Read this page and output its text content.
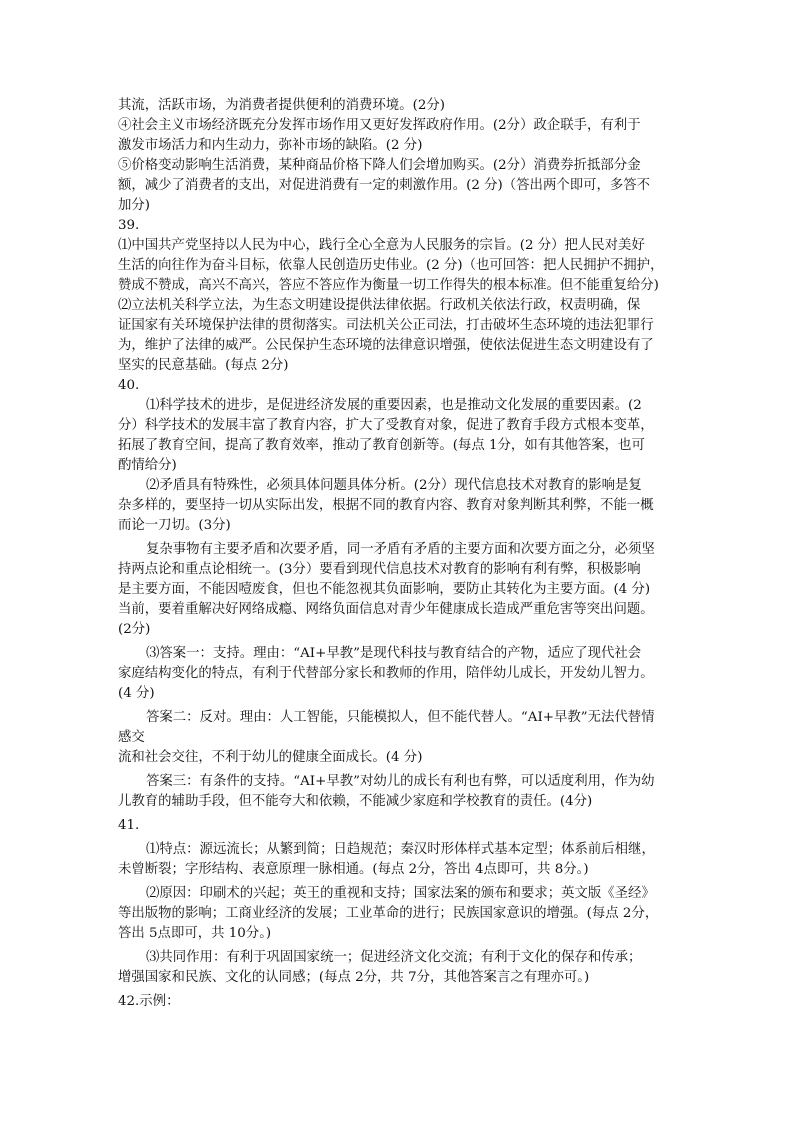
其流，活跃市场，为消费者提供便利的消费环境。(2分)
④社会主义市场经济既充分发挥市场作用又更好发挥政府作用。(2分）政企联手，有利于
激发市场活力和内生动力，弥补市场的缺陷。(2 分)
⑤价格变动影响生活消费，某种商品价格下降人们会增加购买。(2分）消费券折抵部分金
额，减少了消费者的支出，对促进消费有一定的刺激作用。(2 分)（答出两个即可，多答不
加分)
39.
⑴中国共产党坚持以人民为中心，践行全心全意为人民服务的宗旨。(2 分）把人民对美好
生活的向往作为奋斗目标，依靠人民创造历史伟业。(2 分)（也可回答：把人民拥护不拥护，
赞成不赞成，高兴不高兴，答应不答应作为衡量一切工作得失的根本标准。但不能重复给分)
⑵立法机关科学立法，为生态文明建设提供法律依据。行政机关依法行政，权责明确，保
证国家有关环境保护法律的贯彻落实。司法机关公正司法，打击破坏生态环境的违法犯罪行
为，维护了法律的威严。公民保护生态环境的法律意识增强，使依法促进生态文明建设有了
坚实的民意基础。(每点 2分)
40.
⑴科学技术的进步，是促进经济发展的重要因素，也是推动文化发展的重要因素。(2
分）科学技术的发展丰富了教育内容，扩大了受教育对象，促进了教育手段方式根本变革，
拓展了教育空间，提高了教育效率，推动了教育创新等。(每点 1分，如有其他答案，也可
酌情给分)
⑵矛盾具有特殊性，必须具体问题具体分析。(2分）现代信息技术对教育的影响是复
杂多样的，要坚持一切从实际出发，根据不同的教育内容、教育对象判断其利弊，不能一概
而论一刀切。(3分)
复杂事物有主要矛盾和次要矛盾，同一矛盾有矛盾的主要方面和次要方面之分，必须坚
持两点论和重点论相统一。(3分）要看到现代信息技术对教育的影响有利有弊，积极影响
是主要方面，不能因噎废食，但也不能忽视其负面影响，要防止其转化为主要方面。(4 分)
当前，要着重解决好网络成瘾、网络负面信息对青少年健康成长造成严重危害等突出问题。
(2分)
⑶答案一：支持。理由：“AI+早教”是现代科技与教育结合的产物，适应了现代社会
家庭结构变化的特点，有利于代替部分家长和教师的作用，陪伴幼儿成长，开发幼儿智力。
(4 分)
答案二：反对。理由：人工智能，只能模拟人，但不能代替人。“AI+早教”无法代替情
感交
流和社会交往，不利于幼儿的健康全面成长。(4 分)
答案三：有条件的支持。“AI+早教”对幼儿的成长有利也有弊，可以适度利用，作为幼
儿教育的辅助手段，但不能夸大和依赖，不能减少家庭和学校教育的责任。(4分)
41.
⑴特点：源远流长；从繁到简；日趋规范；秦汉时形体样式基本定型；体系前后相继，
未曾断裂；字形结构、表意原理一脉相通。(每点 2分，答出 4点即可，共 8分。)
⑵原因：印刷术的兴起；英王的重视和支持；国家法案的颁布和要求；英文版《圣经》
等出版物的影响；工商业经济的发展；工业革命的进行；民族国家意识的增强。(每点 2分，
答出 5点即可，共 10分。)
⑶共同作用：有利于巩固国家统一；促进经济文化交流；有利于文化的保存和传承；
增强国家和民族、文化的认同感；(每点 2分，共 7分，其他答案言之有理亦可。)
42.示例：
